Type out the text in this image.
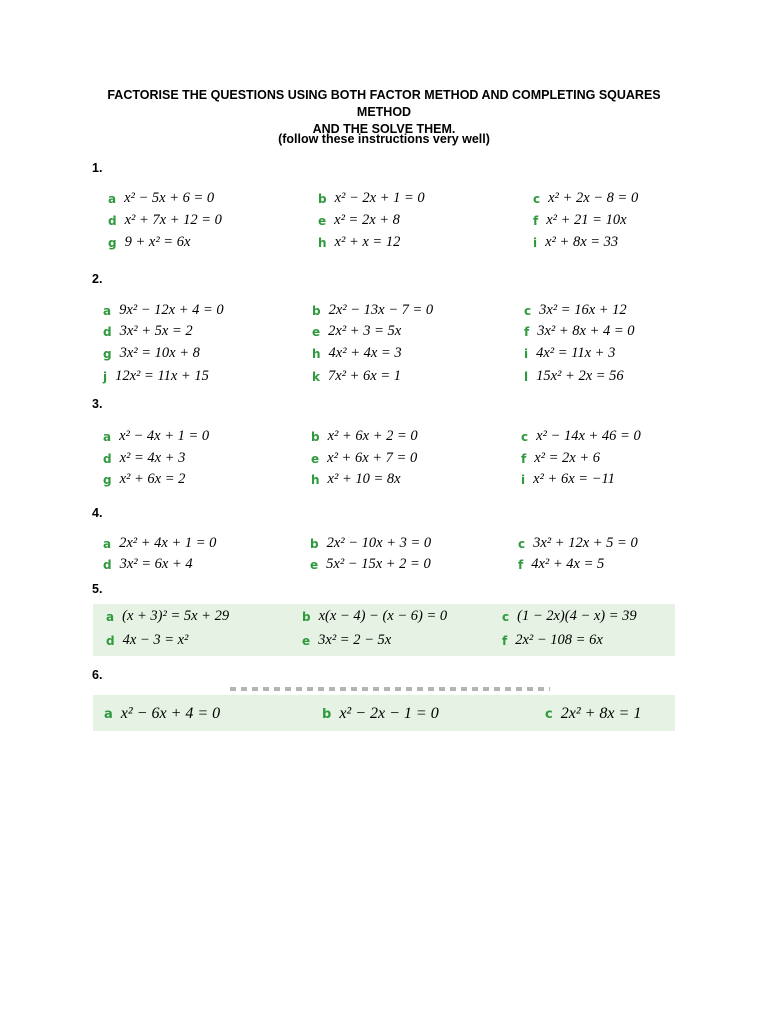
FACTORISE THE QUESTIONS USING BOTH FACTOR METHOD AND COMPLETING SQUARES METHOD
AND THE SOLVE THEM.
(follow these instructions very well)
1.
a x² − 5x + 6 = 0	b x² − 2x + 1 = 0	c x² + 2x − 8 = 0
d x² + 7x + 12 = 0	e x² = 2x + 8	f x² + 21 = 10x
g 9 + x² = 6x	h x² + x = 12	i x² + 8x = 33
2.
a 9x² − 12x + 4 = 0	b 2x² − 13x − 7 = 0	c 3x² = 16x + 12
d 3x² + 5x = 2	e 2x² + 3 = 5x	f 3x² + 8x + 4 = 0
g 3x² = 10x + 8	h 4x² + 4x = 3	i 4x² = 11x + 3
j 12x² = 11x + 15	k 7x² + 6x = 1	l 15x² + 2x = 56
3.
a x² − 4x + 1 = 0	b x² + 6x + 2 = 0	c x² − 14x + 46 = 0
d x² = 4x + 3	e x² + 6x + 7 = 0	f x² = 2x + 6
g x² + 6x = 2	h x² + 10 = 8x	i x² + 6x = −11
4.
a 2x² + 4x + 1 = 0	b 2x² − 10x + 3 = 0	c 3x² + 12x + 5 = 0
d 3x² = 6x + 4	e 5x² − 15x + 2 = 0	f 4x² + 4x = 5
5.
a (x + 3)² = 5x + 29	b x(x − 4) − (x − 6) = 0	c (1 − 2x)(4 − x) = 39
d 4x − 3 = x²	e 3x² = 2 − 5x	f 2x² − 108 = 6x
6.
a x² − 6x + 4 = 0	b x² − 2x − 1 = 0	c 2x² + 8x = 1
